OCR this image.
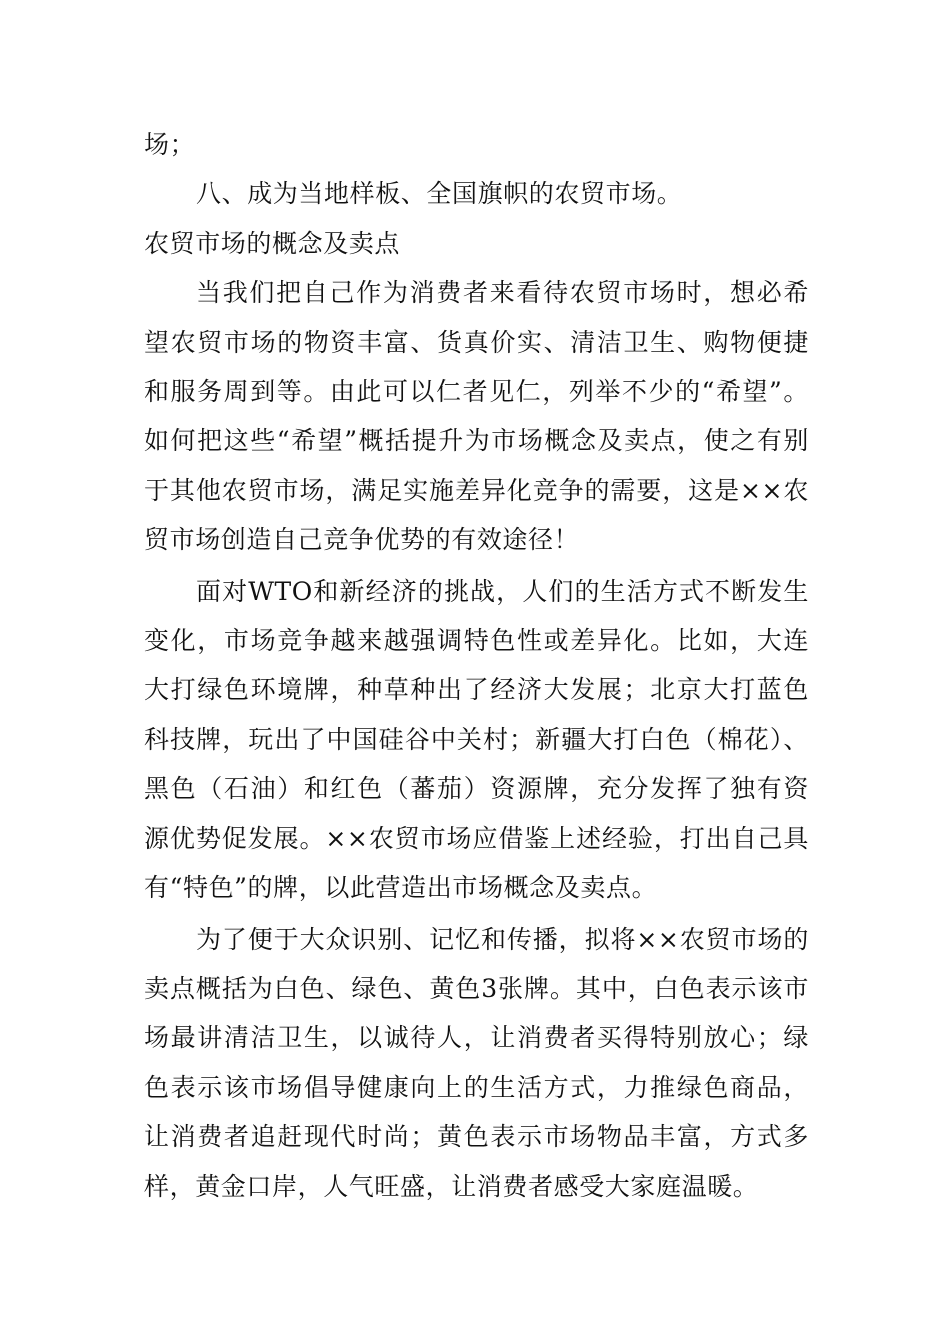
场；

八、成为当地样板、全国旗帜的农贸市场。

农贸市场的概念及卖点

当我们把自己作为消费者来看待农贸市场时，想必希望农贸市场的物资丰富、货真价实、清洁卫生、购物便捷和服务周到等。由此可以仁者见仁，列举不少的“希望”。如何把这些“希望”概括提升为市场概念及卖点，使之有别于其他农贸市场，满足实施差异化竞争的需要，这是××农贸市场创造自己竞争优势的有效途径！

面对WTO和新经济的挑战，人们的生活方式不断发生变化，市场竞争越来越强调特色性或差异化。比如，大连大打绿色环境牌，种草种出了经济大发展；北京大打蓝色科技牌，玩出了中国硅谷中关村；新疆大打白色（棉花）、黑色（石油）和红色（蕃茄）资源牌，充分发挥了独有资源优势促发展。××农贸市场应借鉴上述经验，打出自己具有“特色”的牌，以此营造出市场概念及卖点。

为了便于大众识别、记忆和传播，拟将××农贸市场的卖点概括为白色、绿色、黄色3张牌。其中，白色表示该市场最讲清洁卫生，以诚待人，让消费者买得特别放心；绿色表示该市场倡导健康向上的生活方式，力推绿色商品，让消费者追赶现代时尚；黄色表示市场物品丰富，方式多样，黄金口岸，人气旺盛，让消费者感受大家庭温暖。
